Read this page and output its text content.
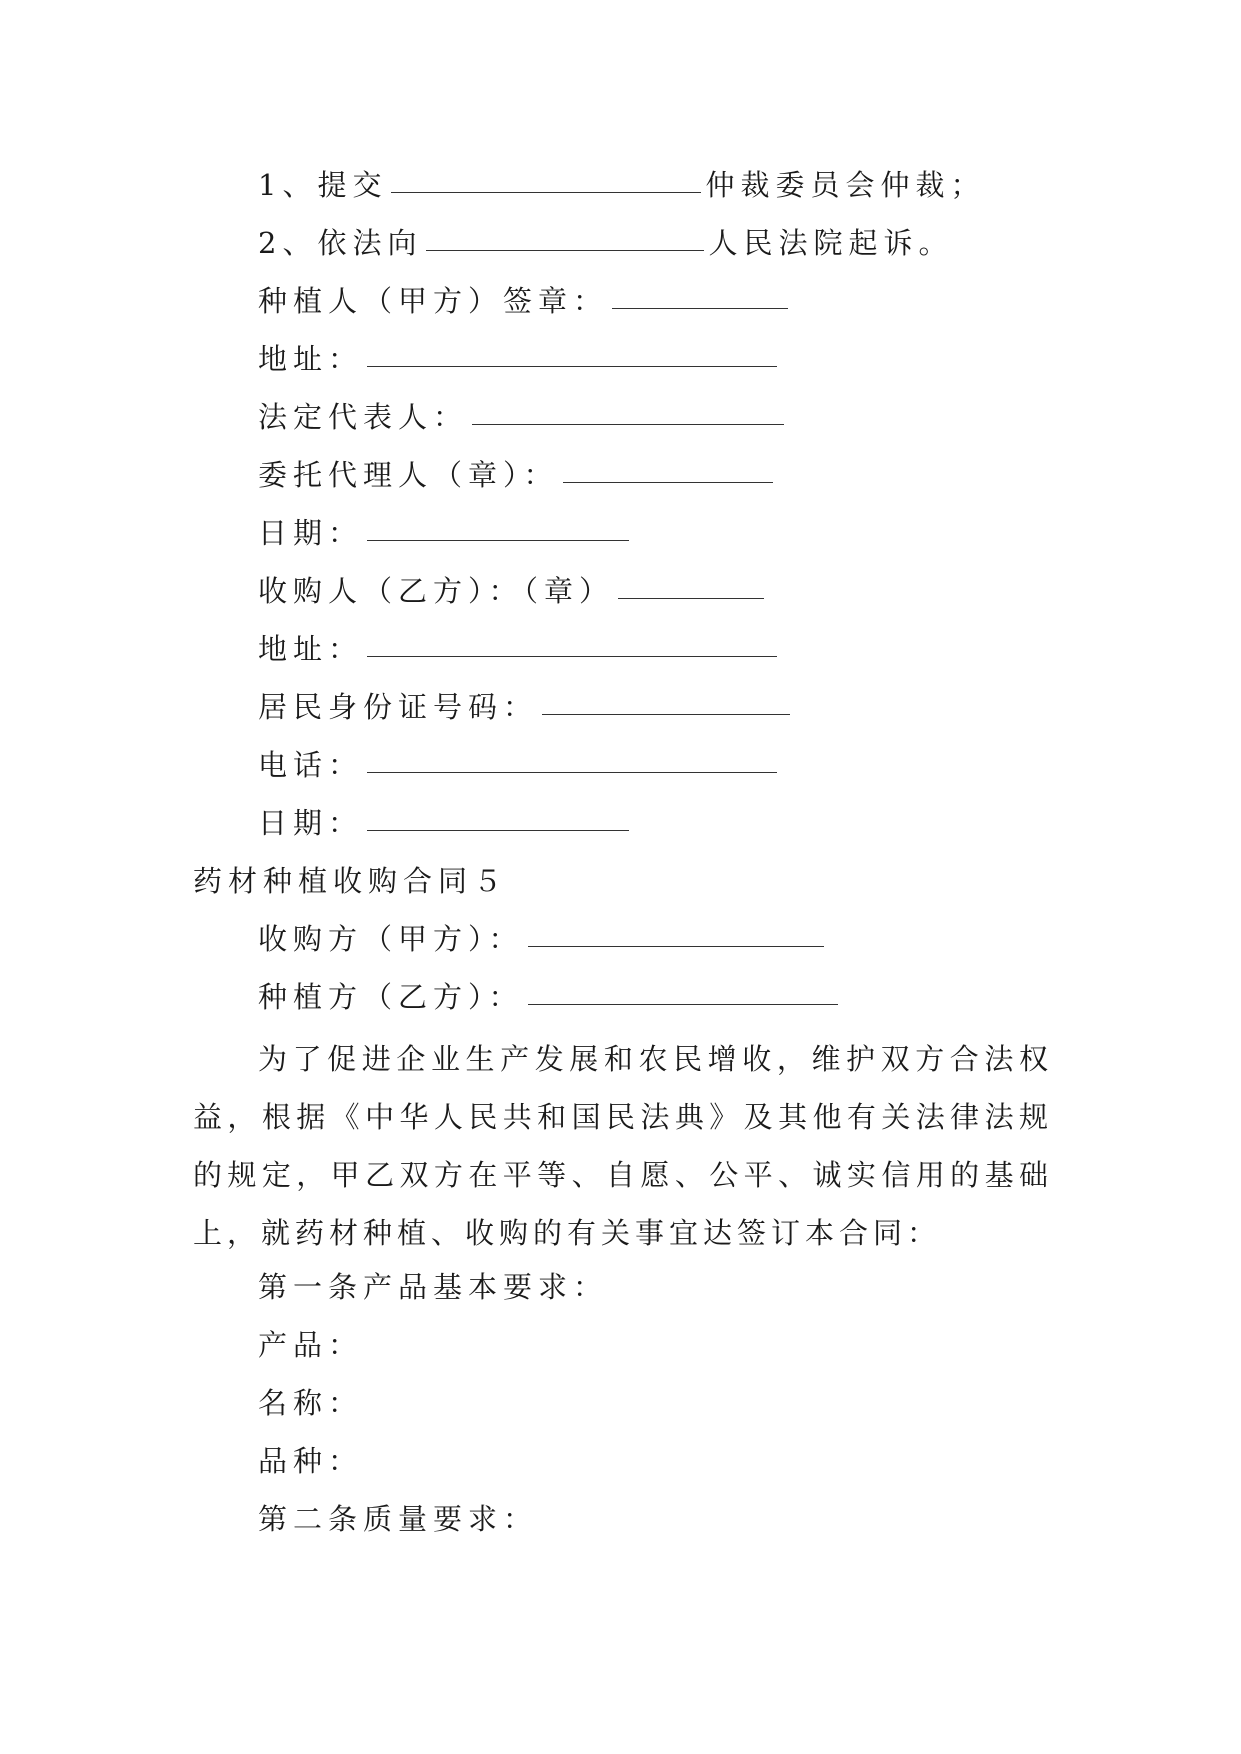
1、提交	仲裁委员会仲裁；
2、依法向	人民法院起诉。
种植人（甲方）签章：
地址：
法定代表人：
委托代理人（章）：
日期：
收购人（乙方）：（章）
地址：
居民身份证号码：
电话：
日期：
药材种植收购合同５
收购方（甲方）：
种植方（乙方）：
为了促进企业生产发展和农民增收，维护双方合法权益，根据《中华人民共和国民法典》及其他有关法律法规的规定，甲乙双方在平等、自愿、公平、诚实信用的基础上，就药材种植、收购的有关事宜达签订本合同：
第一条产品基本要求：
产品：
名称：
品种：
第二条质量要求：
